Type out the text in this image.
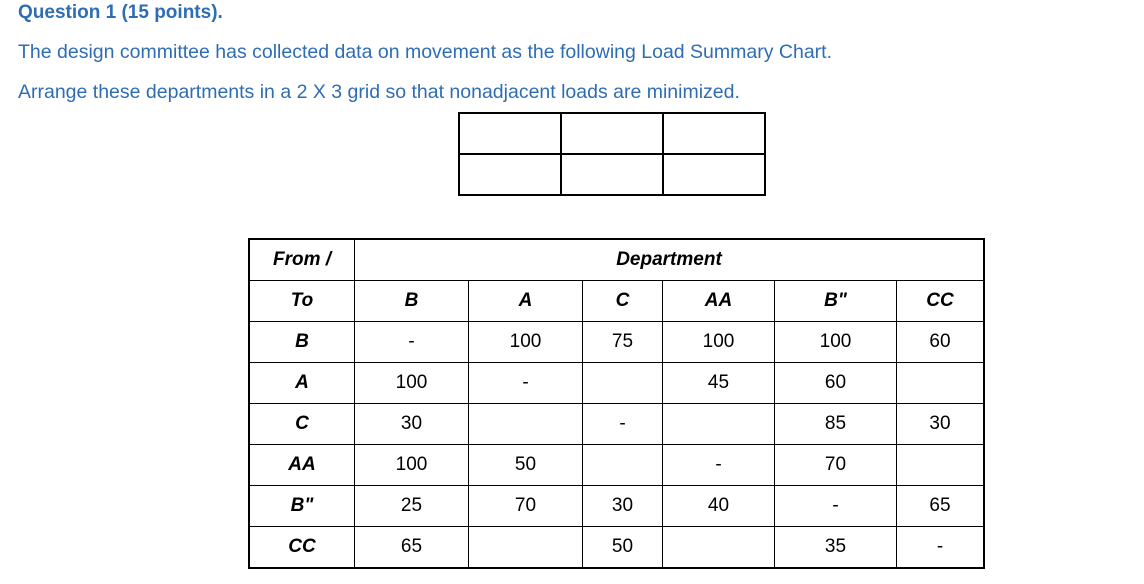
Question 1 (15 points).
The design committee has collected data on movement as the following Load Summary Chart.
Arrange these departments in a 2 X 3 grid so that nonadjacent loads are minimized.

From /	Department					
To	B	A	C	AA	B"	CC
B	-	100	75	100	100	60
A	100	-		45	60	
C	30		-		85	30
AA	100	50		-	70	
B"	25	70	30	40	-	65
CC	65		50		35	-
